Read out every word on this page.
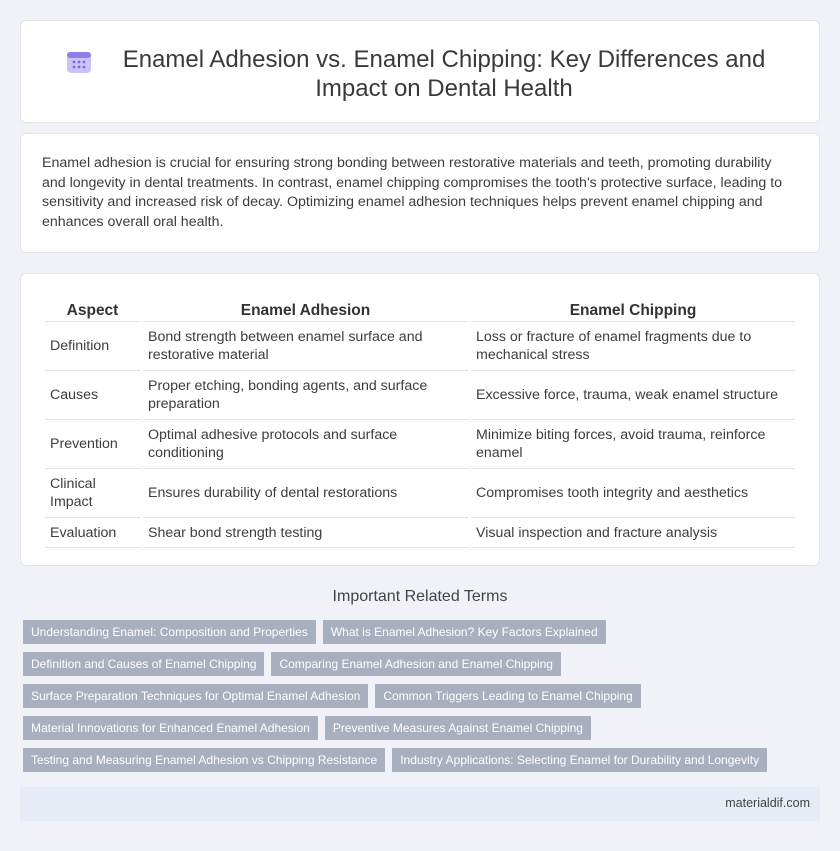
Enamel Adhesion vs. Enamel Chipping: Key Differences and Impact on Dental Health

Enamel adhesion is crucial for ensuring strong bonding between restorative materials and teeth, promoting durability and longevity in dental treatments. In contrast, enamel chipping compromises the tooth's protective surface, leading to sensitivity and increased risk of decay. Optimizing enamel adhesion techniques helps prevent enamel chipping and enhances overall oral health.

Aspect	Enamel Adhesion	Enamel Chipping
Definition	Bond strength between enamel surface and restorative material	Loss or fracture of enamel fragments due to mechanical stress
Causes	Proper etching, bonding agents, and surface preparation	Excessive force, trauma, weak enamel structure
Prevention	Optimal adhesive protocols and surface conditioning	Minimize biting forces, avoid trauma, reinforce enamel
Clinical Impact	Ensures durability of dental restorations	Compromises tooth integrity and aesthetics
Evaluation	Shear bond strength testing	Visual inspection and fracture analysis
Important Related Terms
Understanding Enamel: Composition and Properties	What is Enamel Adhesion? Key Factors Explained
Definition and Causes of Enamel Chipping	Comparing Enamel Adhesion and Enamel Chipping
Surface Preparation Techniques for Optimal Enamel Adhesion	Common Triggers Leading to Enamel Chipping
Material Innovations for Enhanced Enamel Adhesion	Preventive Measures Against Enamel Chipping
Testing and Measuring Enamel Adhesion vs Chipping Resistance	Industry Applications: Selecting Enamel for Durability and Longevity
materialdif.com
